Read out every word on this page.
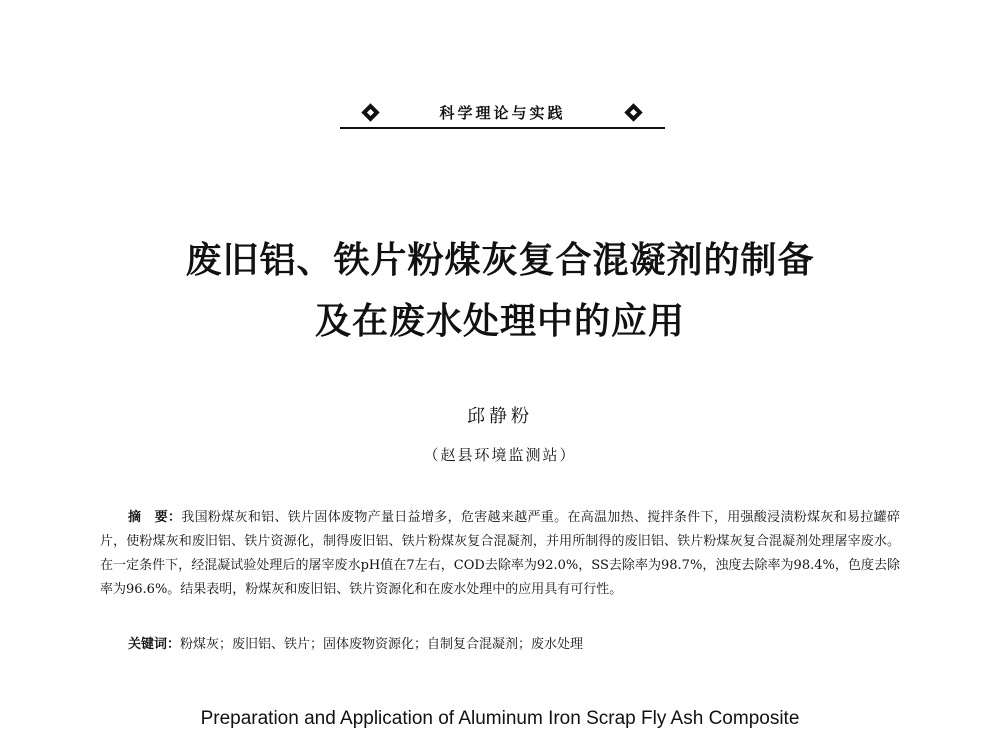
科学理论与实践
废旧铝、铁片粉煤灰复合混凝剂的制备
及在废水处理中的应用
邱静粉
（赵县环境监测站）
摘　要：我国粉煤灰和铝、铁片固体废物产量日益增多，危害越来越严重。在高温加热、搅拌条件下，用强酸浸渍粉煤灰和易拉罐碎片，使粉煤灰和废旧铝、铁片资源化，制得废旧铝、铁片粉煤灰复合混凝剂，并用所制得的废旧铝、铁片粉煤灰复合混凝剂处理屠宰废水。在一定条件下，经混凝试验处理后的屠宰废水pH值在7左右，COD去除率为92.0%，SS去除率为98.7%，浊度去除率为98.4%，色度去除率为96.6%。结果表明，粉煤灰和废旧铝、铁片资源化和在废水处理中的应用具有可行性。
关键词：粉煤灰；废旧铝、铁片；固体废物资源化；自制复合混凝剂；废水处理
Preparation and Application of Aluminum Iron Scrap Fly Ash Composite
